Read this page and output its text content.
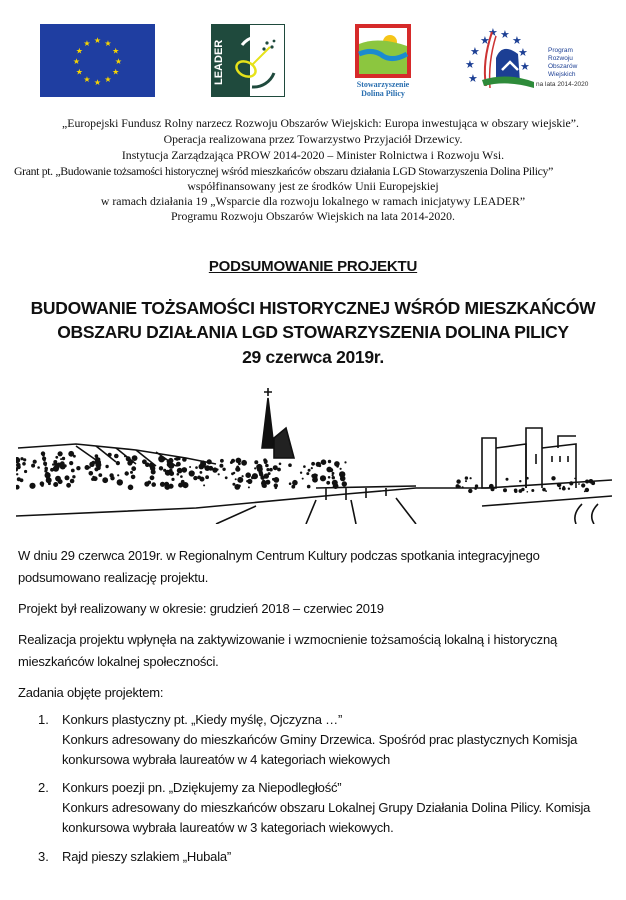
★ ★
★
★
★
★
★
★
★
★
★
★	LEADER	Stowarzyszenie
Dolina Pilicy
★ ★
★
★
★
★
★
★
★
Program
Rozwoju
Obszarów
Wiejskich
na lata 2014-2020
„Europejski Fundusz Rolny narzecz Rozwoju Obszarów Wiejskich: Europa inwestująca w obszary wiejskie”.
Operacja realizowana przez Towarzystwo Przyjaciół Drzewicy.
Instytucja Zarządzająca PROW 2014-2020 – Minister Rolnictwa i Rozwoju Wsi.
Grant pt. „Budowanie tożsamości historycznej wśród mieszkańców obszaru działania LGD Stowarzyszenia Dolina Pilicy”
współfinansowany jest ze środków Unii Europejskiej
w ramach działania 19 „Wsparcie dla rozwoju lokalnego w ramach inicjatywy LEADER”
Programu Rozwoju Obszarów Wiejskich na lata 2014-2020.
PODSUMOWANIE PROJEKTU
BUDOWANIE TOŻSAMOŚCI HISTORYCZNEJ WŚRÓD MIESZKAŃCÓW
OBSZARU DZIAŁANIA LGD STOWARZYSZENIA DOLINA PILICY
29 czerwca 2019r.
W dniu 29 czerwca 2019r. w Regionalnym Centrum Kultury podczas spotkania integracyjnego
podsumowano realizację projektu.
Projekt był realizowany w okresie: grudzień 2018 – czerwiec 2019
Realizacja projektu wpłynęła na zaktywizowanie i wzmocnienie tożsamością lokalną i historyczną
mieszkańców lokalnej społeczności.
Zadania objęte projektem:
1. Konkurs plastyczny pt. „Kiedy myślę, Ojczyzna …”
Konkurs adresowany do mieszkańców Gminy Drzewica. Spośród prac plastycznych Komisja
konkursowa wybrała laureatów w 4 kategoriach wiekowych
2. Konkurs poezji pn. „Dziękujemy za Niepodległość”
Konkurs adresowany do mieszkańców obszaru Lokalnej Grupy Działania Dolina Pilicy. Komisja
konkursowa wybrała laureatów w 3 kategoriach wiekowych.
3. Rajd pieszy szlakiem „Hubala”
